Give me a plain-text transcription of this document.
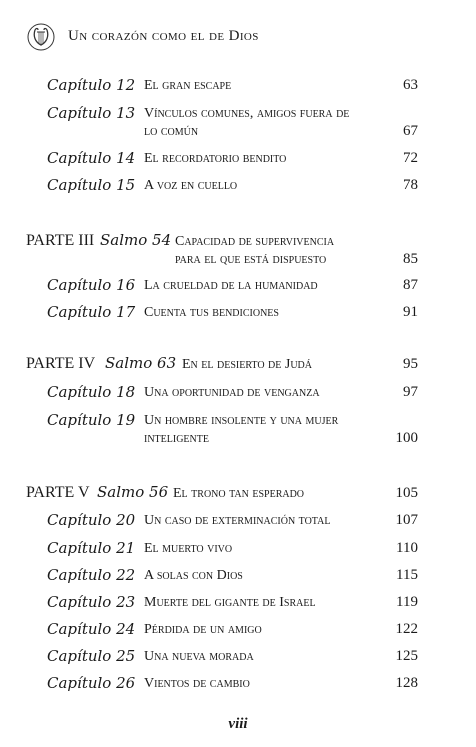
Un corazón como el de Dios
Capítulo 12 El gran escape	63
Capítulo 13 Vínculos comunes, amigos fuera de
lo común	67
Capítulo 14 El recordatorio bendito	72
Capítulo 15 A voz en cuello	78
PARTE III Salmo 54 Capacidad de supervivencia
para el que está dispuesto	85
Capítulo 16 La crueldad de la humanidad	87
Capítulo 17 Cuenta tus bendiciones	91
PARTE IV Salmo 63 En el desierto de Judá	95
Capítulo 18 Una oportunidad de venganza	97
Capítulo 19 Un hombre insolente y una mujer
inteligente	100
PARTE V Salmo 56 El trono tan esperado	105
Capítulo 20 Un caso de exterminación total	107
Capítulo 21 El muerto vivo	110
Capítulo 22 A solas con Dios	115
Capítulo 23 Muerte del gigante de Israel	119
Capítulo 24 Pérdida de un amigo	122
Capítulo 25 Una nueva morada	125
Capítulo 26 Vientos de cambio	128
viii
